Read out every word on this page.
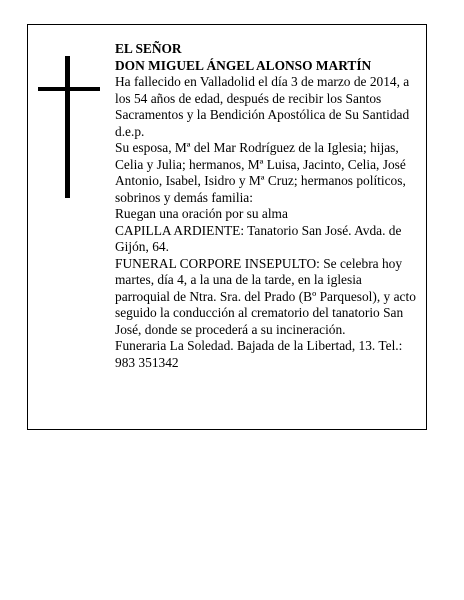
EL SEÑOR

DON MIGUEL ÁNGEL ALONSO MARTÍN

Ha fallecido en Valladolid el día 3 de marzo de 2014, a los 54 años de edad, después de recibir los Santos Sacramentos y la Bendición Apostólica de Su Santidad d.e.p.

Su esposa, Mª del Mar Rodríguez de la Iglesia; hijas, Celia y Julia; hermanos, Mª Luisa, Jacinto, Celia, José Antonio, Isabel, Isidro y Mª Cruz; hermanos políticos, sobrinos y demás familia:

Ruegan una oración por su alma

CAPILLA ARDIENTE: Tanatorio San José. Avda. de Gijón, 64.

FUNERAL CORPORE INSEPULTO: Se celebra hoy martes, día 4, a la una de la tarde, en la iglesia parroquial de Ntra. Sra. del Prado (Bº Parquesol), y acto seguido la conducción al crematorio del tanatorio San José, donde se procederá a su incineración.

Funeraria La Soledad. Bajada de la Libertad, 13. Tel.: 983 351342
